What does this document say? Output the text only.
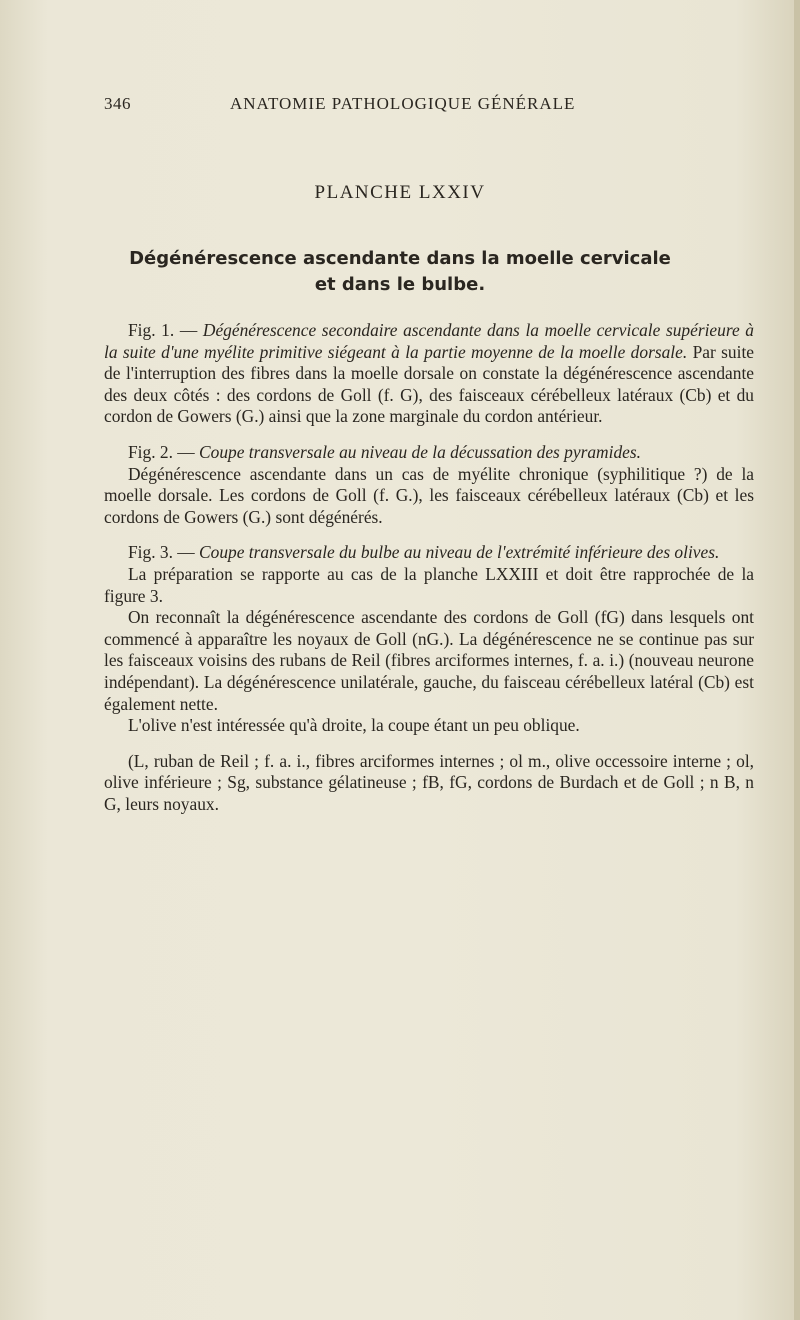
346	ANATOMIE PATHOLOGIQUE GÉNÉRALE
PLANCHE LXXIV
Dégénérescence ascendante dans la moelle cervicale
et dans le bulbe.

Fig. 1. — Dégénérescence secondaire ascendante dans la moelle cervicale supérieure à la suite d'une myélite primitive siégeant à la partie moyenne de la moelle dorsale. Par suite de l'interruption des fibres dans la moelle dorsale on constate la dégénérescence ascendante des deux côtés : des cordons de Goll (f. G), des faisceaux cérébelleux latéraux (Cb) et du cordon de Gowers (G.) ainsi que la zone marginale du cordon antérieur.

Fig. 2. — Coupe transversale au niveau de la décussation des pyramides.

Dégénérescence ascendante dans un cas de myélite chronique (syphilitique ?) de la moelle dorsale. Les cordons de Goll (f. G.), les faisceaux cérébelleux latéraux (Cb) et les cordons de Gowers (G.) sont dégénérés.

Fig. 3. — Coupe transversale du bulbe au niveau de l'extrémité inférieure des olives.

La préparation se rapporte au cas de la planche LXXIII et doit être rapprochée de la figure 3.

On reconnaît la dégénérescence ascendante des cordons de Goll (fG) dans lesquels ont commencé à apparaître les noyaux de Goll (nG.). La dégénérescence ne se continue pas sur les faisceaux voisins des rubans de Reil (fibres arciformes internes, f. a. i.) (nouveau neurone indépendant). La dégénérescence unilatérale, gauche, du faisceau cérébelleux latéral (Cb) est également nette.

L'olive n'est intéressée qu'à droite, la coupe étant un peu oblique.

(L, ruban de Reil ; f. a. i., fibres arciformes internes ; ol m., olive occessoire interne ; ol, olive inférieure ; Sg, substance gélatineuse ; fB, fG, cordons de Burdach et de Goll ; n B, n G, leurs noyaux.
